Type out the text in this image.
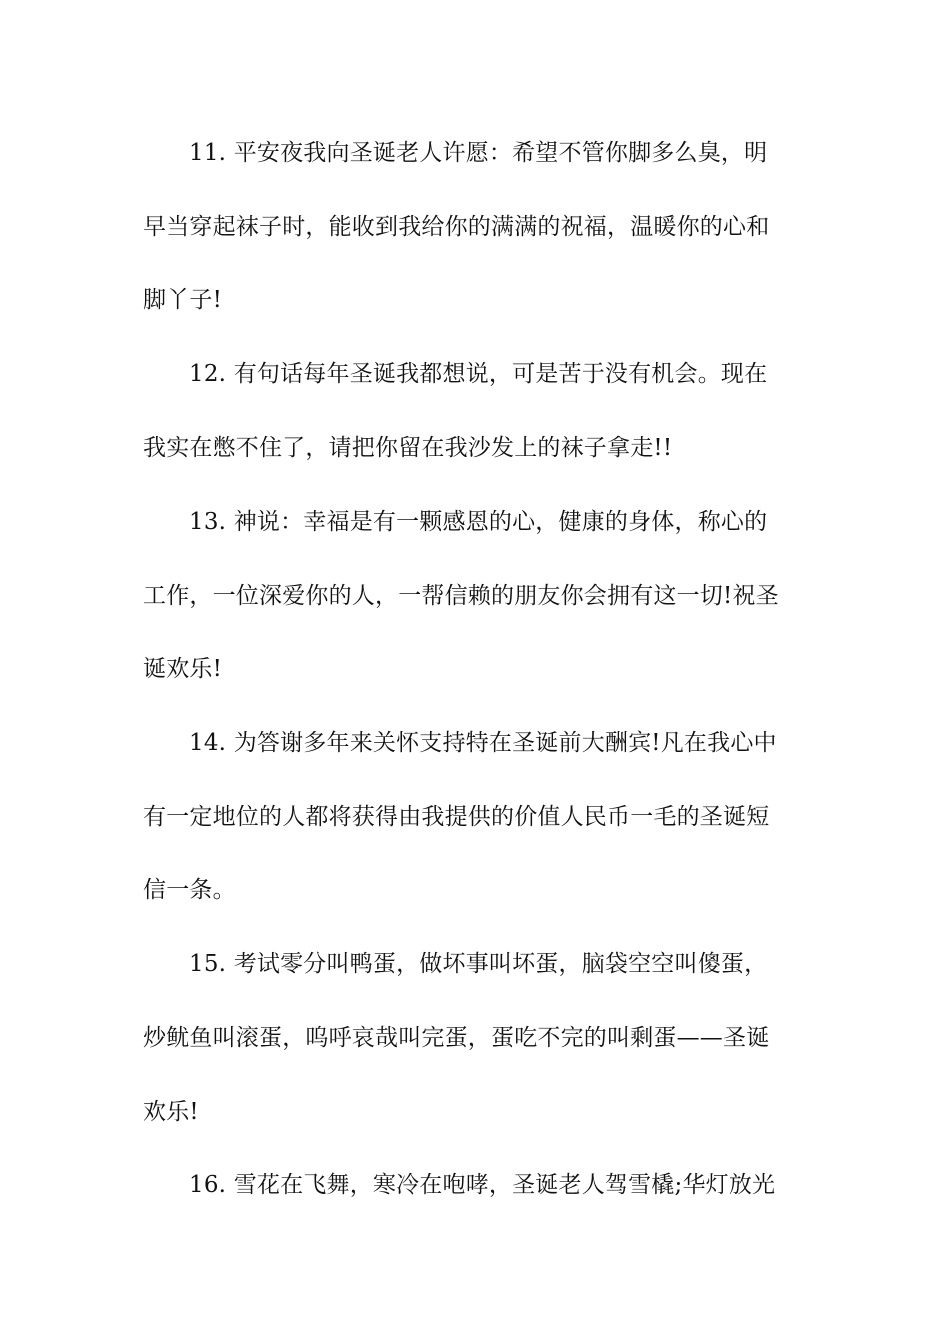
11. 平安夜我向圣诞老人许愿：希望不管你脚多么臭，明
早当穿起袜子时，能收到我给你的满满的祝福，温暖你的心和
脚丫子!
12. 有句话每年圣诞我都想说，可是苦于没有机会。现在
我实在憋不住了，请把你留在我沙发上的袜子拿走!!
13. 神说：幸福是有一颗感恩的心，健康的身体，称心的
工作，一位深爱你的人，一帮信赖的朋友你会拥有这一切!祝圣
诞欢乐!
14. 为答谢多年来关怀支持特在圣诞前大酬宾!凡在我心中
有一定地位的人都将获得由我提供的价值人民币一毛的圣诞短
信一条。
15. 考试零分叫鸭蛋，做坏事叫坏蛋，脑袋空空叫傻蛋，
炒鱿鱼叫滚蛋，呜呼哀哉叫完蛋，蛋吃不完的叫剩蛋——圣诞
欢乐!
16. 雪花在飞舞，寒冷在咆哮，圣诞老人驾雪橇;华灯放光
